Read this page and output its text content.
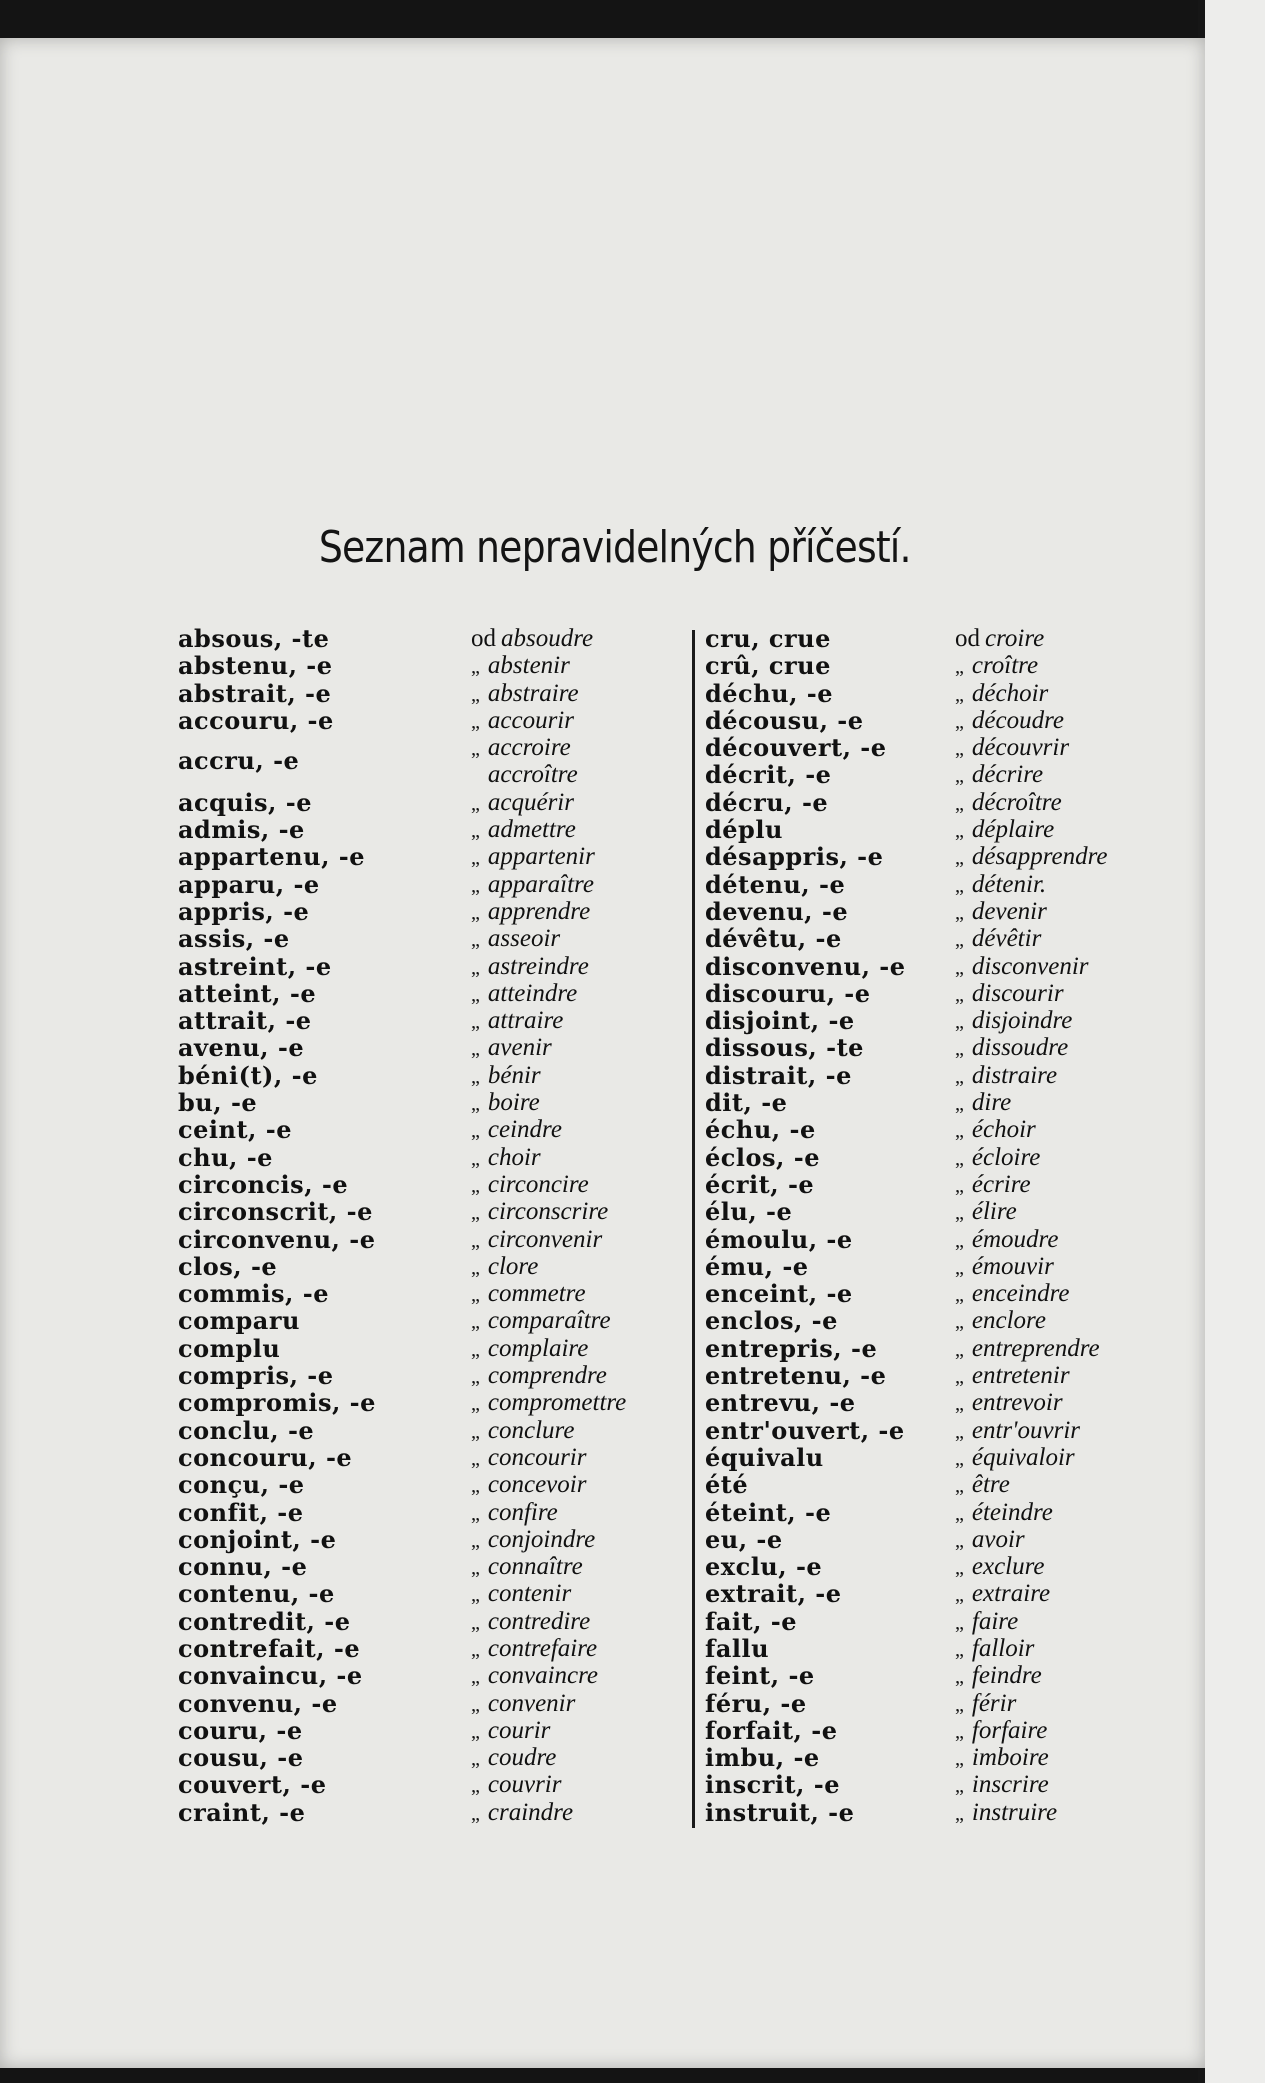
Seznam nepravidelných příčestí.
absous, -te	od absoudre
abstenu, -e	„ abstenir
abstrait, -e	„ abstraire
accouru, -e	„ accourir
accru, -e	„ accroire
accroître
acquis, -e	„ acquérir
admis, -e	„ admettre
appartenu, -e	„ appartenir
apparu, -e	„ apparaître
appris, -e	„ apprendre
assis, -e	„ asseoir
astreint, -e	„ astreindre
atteint, -e	„ atteindre
attrait, -e	„ attraire
avenu, -e	„ avenir
béni(t), -e	„ bénir
bu, -e	„ boire
ceint, -e	„ ceindre
chu, -e	„ choir
circoncis, -e	„ circoncire
circonscrit, -e	„ circonscrire
circonvenu, -e	„ circonvenir
clos, -e	„ clore
commis, -e	„ commetre
comparu	„ comparaître
complu	„ complaire
compris, -e	„ comprendre
compromis, -e	„ compromettre
conclu, -e	„ conclure
concouru, -e	„ concourir
conçu, -e	„ concevoir
confit, -e	„ confire
conjoint, -e	„ conjoindre
connu, -e	„ connaître
contenu, -e	„ contenir
contredit, -e	„ contredire
contrefait, -e	„ contrefaire
convaincu, -e	„ convaincre
convenu, -e	„ convenir
couru, -e	„ courir
cousu, -e	„ coudre
couvert, -e	„ couvrir
craint, -e	„ craindre
cru, crue	od croire
crû, crue	„ croître
déchu, -e	„ déchoir
décousu, -e	„ découdre
découvert, -e	„ découvrir
décrit, -e	„ décrire
décru, -e	„ décroître
déplu	„ déplaire
désappris, -e	„ désapprendre
détenu, -e	„ détenir.
devenu, -e	„ devenir
dévêtu, -e	„ dévêtir
disconvenu, -e „ disconvenir
discouru, -e	„ discourir
disjoint, -e	„ disjoindre
dissous, -te	„ dissoudre
distrait, -e	„ distraire
dit, -e	„ dire
échu, -e	„ échoir
éclos, -e	„ écloire
écrit, -e	„ écrire
élu, -e	„ élire
émoulu, -e	„ émoudre
ému, -e	„ émouvir
enceint, -e	„ enceindre
enclos, -e	„ enclore
entrepris, -e	„ entreprendre
entretenu, -e	„ entretenir
entrevu, -e	„ entrevoir
entr'ouvert, -e	„ entr'ouvrir
équivalu	„ équivaloir
été	„ être
éteint, -e	„ éteindre
eu, -e	„ avoir
exclu, -e	„ exclure
extrait, -e	„ extraire
fait, -e	„ faire
fallu	„ falloir
feint, -e	„ feindre
féru, -e	„ férir
forfait, -e	„ forfaire
imbu, -e	„ imboire
inscrit, -e	„ inscrire
instruit, -e	„ instruire
